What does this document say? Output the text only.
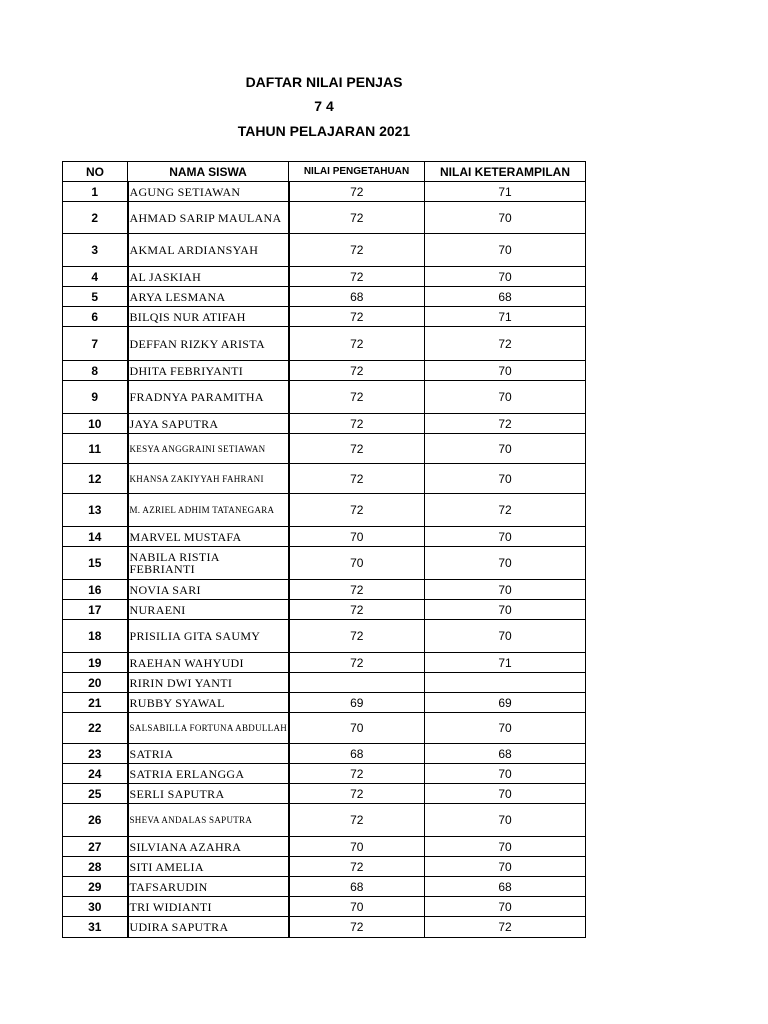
DAFTAR NILAI PENJAS
7 4
TAHUN PELAJARAN 2021
NO	NAMA SISWA	NILAI PENGETAHUAN	NILAI KETERAMPILAN
1	AGUNG SETIAWAN	72	71
2	AHMAD SARIP MAULANA	72	70
3	AKMAL ARDIANSYAH	72	70
4	AL JASKIAH	72	70
5	ARYA LESMANA	68	68
6	BILQIS NUR ATIFAH	72	71
7	DEFFAN RIZKY ARISTA	72	72
8	DHITA FEBRIYANTI	72	70
9	FRADNYA PARAMITHA	72	70
10	JAYA SAPUTRA	72	72
11	KESYA ANGGRAINI SETIAWAN	72	70
12	KHANSA ZAKIYYAH FAHRANI	72	70
13	M. AZRIEL ADHIM TATANEGARA	72	72
14	MARVEL MUSTAFA	70	70
15	NABILA RISTIA FEBRIANTI	70	70
16	NOVIA SARI	72	70
17	NURAENI	72	70
18	PRISILIA GITA SAUMY	72	70
19	RAEHAN WAHYUDI	72	71
20	RIRIN DWI YANTI		
21	RUBBY SYAWAL	69	69
22	SALSABILLA FORTUNA ABDULLAH	70	70
23	SATRIA	68	68
24	SATRIA ERLANGGA	72	70
25	SERLI SAPUTRA	72	70
26	SHEVA ANDALAS SAPUTRA	72	70
27	SILVIANA AZAHRA	70	70
28	SITI AMELIA	72	70
29	TAFSARUDIN	68	68
30	TRI WIDIANTI	70	70
31	UDIRA SAPUTRA	72	72
